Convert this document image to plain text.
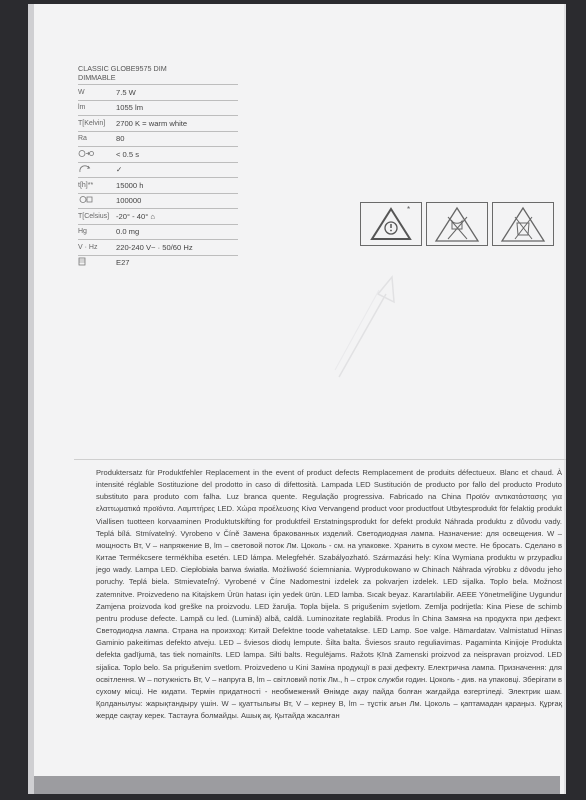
CLASSIC GLOBE9575 DIM
DIMMABLE
W	7.5 W
lm	1055 lm
T[Kelvin]	2700 K = warm white
Ra	80
< 0.5 s
✓
t[h]**	15000 h
100000
T[Celsius] -20° - 40° ⌂
Hg	0.0 mg
V · Hz	220-240 V~ · 50/60 Hz
E27
*
Produktersatz für Produktfehler Replacement in the event of product defects Remplacement de produits défectueux. Blanc et chaud. À intensité réglable Sostituzione del prodotto in caso di difettosità. Lampada LED Sustitución de producto por fallo del producto Produto substituto para produto com falha. Luz branca quente. Regulação progressiva. Fabricado na China Προϊόν αντικατάστασης για ελαττωματικά προϊόντα. Λαμπτήρες LED. Χώρα προέλευσης Κίνα Vervangend product voor productfout Utbytesprodukt för felaktig produkt Viallisen tuotteen korvaaminen Produktutskifting for produktfeil Erstatningsprodukt for defekt produkt Náhrada produktu z důvodu vady. Teplá bílá. Stmívatelný. Vyrobeno v Číně Замена бракованных изделий. Светодиодная лампа. Назначение: для освещения. W – мощность Вт, V – напряжение В, lm – световой поток Лм. Цоколь - см. на упаковке. Хранить в сухом месте. Не бросать. Сделано в Китае Termékcsere termékhiba esetén. LED lámpa. Melegfehér. Szabályozható. Származási hely: Kína Wymiana produktu w przypadku jego wady. Lampa LED. Ciepłobiała barwa światła. Możliwość ściemniania. Wyprodukowano w Chinach Náhrada výrobku z dôvodu jeho poruchy. Teplá biela. Stmievateľný. Vyrobené v Číne Nadomestni izdelek za pokvarjen izdelek. LED sijalka. Toplo bela. Možnost zatemnitve. Proizvedeno na Kitajskem Ürün hatası için yedek ürün. LED lamba. Sıcak beyaz. Karartılabilir. AEEE Yönetmeliğine Uygundur Zamjena proizvoda kod greške na proizvodu. LED žarulja. Topla bijela. S prigušenim svjetlom. Zemlja podrijetla: Kina Piese de schimb pentru produse defecte. Lampă cu led. (Lumină) albă, caldă. Luminozitate reglabilă. Produs în China Замяна на продукта при дефект. Светодиодна лампа. Страна на произход: Китай Defektne toode vahetatakse. LED Lamp. Soe valge. Hämardatav. Valmistatud Hiinas Gaminio pakeitimas defekto atveju. LED – šviesos diodų lempute. Šilta balta. Šviesos srauto reguliavimas. Pagaminta Kinijoje Produkta defekta gadījumā, tas tiek nomainīts. LED lampa. Silti balts. Regulējams. Ražots Ķīnā Zamenski proizvod za neispravan proizvod. LED sijalica. Toplo belo. Sa prigušenim svetlom. Proizvedeno u Kini Заміна продукції в разі дефекту. Електрична лампа. Призначення: для освітлення. W – потужність Вт, V – напруга В, lm – світловий потік Лм., h – строк служби годин. Цоколь - див. на упаковці. Зберігати в сухому місці. Не кидати. Термін придатності - необмежений Өнімде ақау пайда болған жағдайда өзгертіледі. Электрик шам. Қолданылуы: жарықтандыру үшін. W – қуаттылығы Вт, V – кернеу В, lm – тұстік ағын Лм. Цоколь – қаптамадан қараңыз. Құрғақ жерде сақтау керек. Тастауға болмайды. Ашық ақ. Қытайда жасалған
